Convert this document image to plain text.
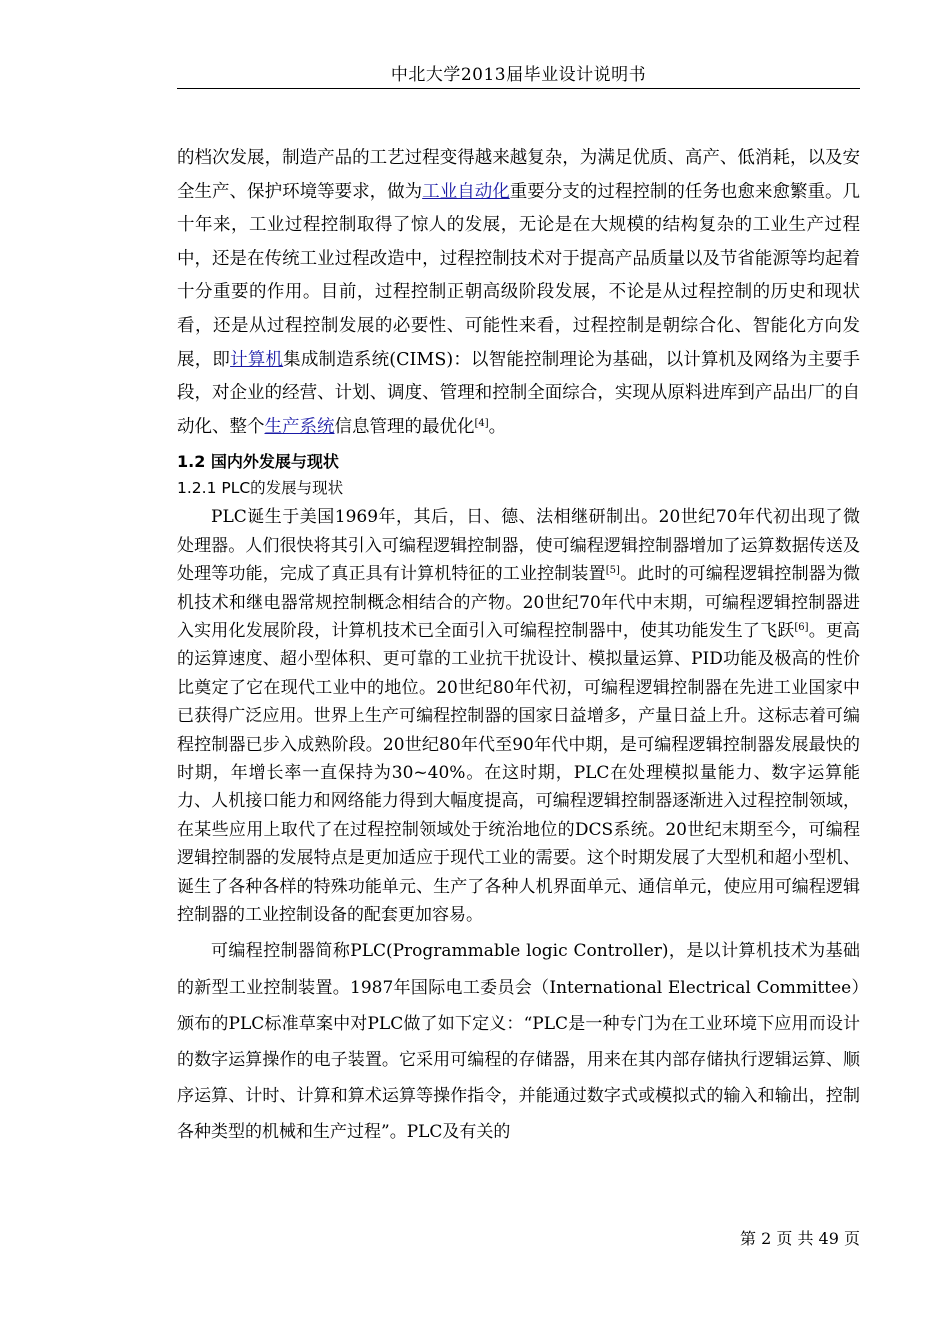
中北大学2013届毕业设计说明书

的档次发展，制造产品的工艺过程变得越来越复杂，为满足优质、高产、低消耗，以及安全生产、保护环境等要求，做为工业自动化重要分支的过程控制的任务也愈来愈繁重。几十年来，工业过程控制取得了惊人的发展，无论是在大规模的结构复杂的工业生产过程中，还是在传统工业过程改造中，过程控制技术对于提高产品质量以及节省能源等均起着十分重要的作用。目前，过程控制正朝高级阶段发展，不论是从过程控制的历史和现状看，还是从过程控制发展的必要性、可能性来看，过程控制是朝综合化、智能化方向发展，即计算机集成制造系统(CIMS)：以智能控制理论为基础，以计算机及网络为主要手段，对企业的经营、计划、调度、管理和控制全面综合，实现从原料进库到产品出厂的自动化、整个生产系统信息管理的最优化[4]。

1.2 国内外发展与现状
1.2.1 PLC的发展与现状

PLC诞生于美国1969年，其后，日、德、法相继研制出。20世纪70年代初出现了微处理器。人们很快将其引入可编程逻辑控制器，使可编程逻辑控制器增加了运算数据传送及处理等功能，完成了真正具有计算机特征的工业控制装置[5]。此时的可编程逻辑控制器为微机技术和继电器常规控制概念相结合的产物。20世纪70年代中末期，可编程逻辑控制器进入实用化发展阶段，计算机技术已全面引入可编程控制器中，使其功能发生了飞跃[6]。更高的运算速度、超小型体积、更可靠的工业抗干扰设计、模拟量运算、PID功能及极高的性价比奠定了它在现代工业中的地位。20世纪80年代初，可编程逻辑控制器在先进工业国家中已获得广泛应用。世界上生产可编程控制器的国家日益增多，产量日益上升。这标志着可编程控制器已步入成熟阶段。20世纪80年代至90年代中期，是可编程逻辑控制器发展最快的时期，年增长率一直保持为30~40%。在这时期，PLC在处理模拟量能力、数字运算能力、人机接口能力和网络能力得到大幅度提高，可编程逻辑控制器逐渐进入过程控制领域，在某些应用上取代了在过程控制领域处于统治地位的DCS系统。20世纪末期至今，可编程逻辑控制器的发展特点是更加适应于现代工业的需要。这个时期发展了大型机和超小型机、诞生了各种各样的特殊功能单元、生产了各种人机界面单元、通信单元，使应用可编程逻辑控制器的工业控制设备的配套更加容易。

可编程控制器简称PLC(Programmable logic Controller)，是以计算机技术为基础的新型工业控制装置。1987年国际电工委员会（International Electrical Committee）颁布的PLC标准草案中对PLC做了如下定义：“PLC是一种专门为在工业环境下应用而设计的数字运算操作的电子装置。它采用可编程的存储器，用来在其内部存储执行逻辑运算、顺序运算、计时、计算和算术运算等操作指令，并能通过数字式或模拟式的输入和输出，控制各种类型的机械和生产过程”。PLC及有关的

第 2 页 共 49 页
